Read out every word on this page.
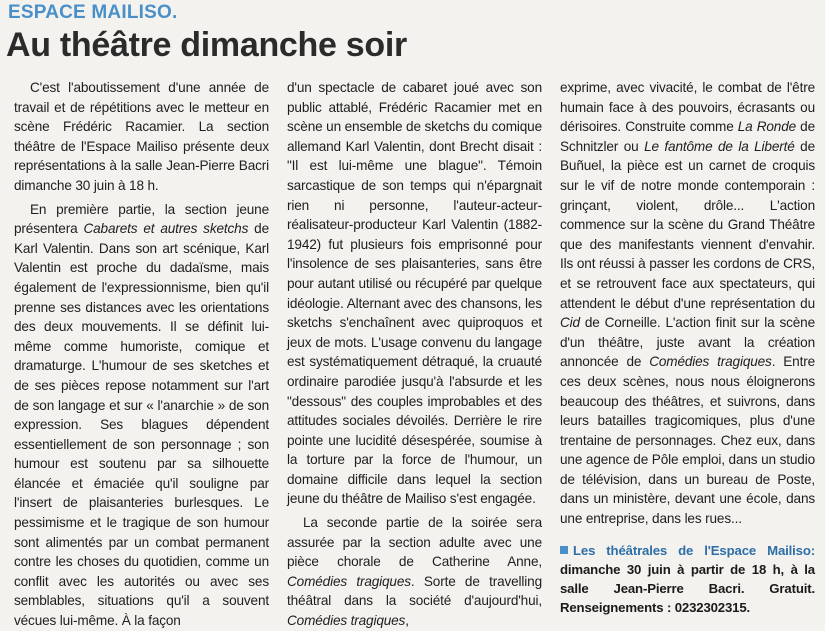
ESPACE MAILISO.
Au théâtre dimanche soir

C'est l'aboutissement d'une année de travail et de répétitions avec le metteur en scène Frédéric Racamier. La section théâtre de l'Espace Mailiso présente deux représentations à la salle Jean-Pierre Bacri dimanche 30 juin à 18 h.

En première partie, la section jeune présentera Cabarets et autres sketchs de Karl Valentin. Dans son art scénique, Karl Valentin est proche du dadaïsme, mais également de l'expressionnisme, bien qu'il prenne ses distances avec les orientations des deux mouvements. Il se définit lui-même comme humoriste, comique et dramaturge. L'humour de ses sketches et de ses pièces repose notamment sur l'art de son langage et sur « l'anarchie » de son expression. Ses blagues dépendent essentiellement de son personnage ; son humour est soutenu par sa silhouette élancée et émaciée qu'il souligne par l'insert de plaisanteries burlesques. Le pessimisme et le tragique de son humour sont alimentés par un combat permanent contre les choses du quotidien, comme un conflit avec les autorités ou avec ses semblables, situations qu'il a souvent vécues lui-même. À la façon

d'un spectacle de cabaret joué avec son public attablé, Frédéric Racamier met en scène un ensemble de sketchs du comique allemand Karl Valentin, dont Brecht disait : "Il est lui-même une blague". Témoin sarcastique de son temps qui n'épargnait rien ni personne, l'auteur-acteur-réalisateur-producteur Karl Valentin (1882-1942) fut plusieurs fois emprisonné pour l'insolence de ses plaisanteries, sans être pour autant utilisé ou récupéré par quelque idéologie. Alternant avec des chansons, les sketchs s'enchaînent avec quiproquos et jeux de mots. L'usage convenu du langage est systématiquement détraqué, la cruauté ordinaire parodiée jusqu'à l'absurde et les "dessous" des couples improbables et des attitudes sociales dévoilés. Derrière le rire pointe une lucidité désespérée, soumise à la torture par la force de l'humour, un domaine difficile dans lequel la section jeune du théâtre de Mailiso s'est engagée.

La seconde partie de la soirée sera assurée par la section adulte avec une pièce chorale de Catherine Anne, Comédies tragiques. Sorte de travelling théâtral dans la société d'aujourd'hui, Comédies tragiques,

exprime, avec vivacité, le combat de l'être humain face à des pouvoirs, écrasants ou dérisoires. Construite comme La Ronde de Schnitzler ou Le fantôme de la Liberté de Buñuel, la pièce est un carnet de croquis sur le vif de notre monde contemporain : grinçant, violent, drôle... L'action commence sur la scène du Grand Théâtre que des manifestants viennent d'envahir. Ils ont réussi à passer les cordons de CRS, et se retrouvent face aux spectateurs, qui attendent le début d'une représentation du Cid de Corneille. L'action finit sur la scène d'un théâtre, juste avant la création annoncée de Comédies tragiques. Entre ces deux scènes, nous nous éloignerons beaucoup des théâtres, et suivrons, dans leurs batailles tragicomiques, plus d'une trentaine de personnages. Chez eux, dans une agence de Pôle emploi, dans un studio de télévision, dans un bureau de Poste, dans un ministère, devant une école, dans une entreprise, dans les rues...

Les théâtrales de l'Espace Mailiso: dimanche 30 juin à partir de 18 h, à la salle Jean-Pierre Bacri. Gratuit. Renseignements : 0232302315.
